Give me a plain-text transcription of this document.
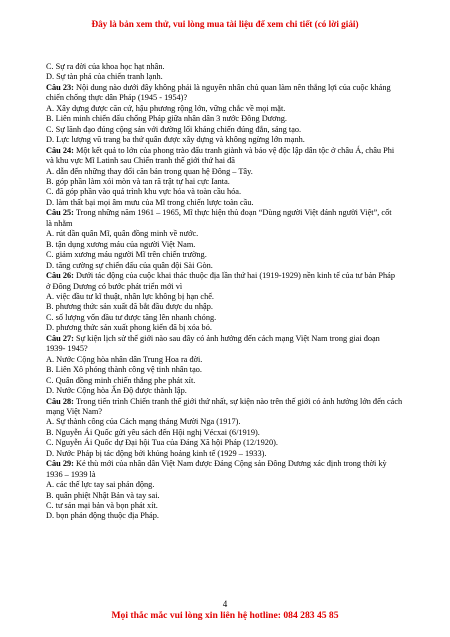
Đây là bản xem thử, vui lòng mua tài liệu để xem chi tiết (có lời giải)
C. Sự ra đời của khoa học hạt nhân.
D. Sự tàn phá của chiến tranh lạnh.
Câu 23: Nội dung nào dưới đây không phải là nguyên nhân chủ quan làm nên thắng lợi của cuộc kháng
chiến chống thực dân Pháp (1945 - 1954)?
A. Xây dựng được căn cứ, hậu phương rộng lớn, vững chắc về mọi mặt.
B. Liên minh chiến đấu chống Pháp giữa nhân dân 3 nước Đông Dương.
C. Sự lãnh đạo đúng cộng sản với đường lối kháng chiến đúng đắn, sáng tạo.
D. Lực lượng vũ trang ba thứ quân được xây dựng và không ngừng lớn mạnh.
Câu 24: Một kết quả to lớn của phong trào đấu tranh giành và bảo vệ độc lập dân tộc ở châu Á, châu Phi
và khu vực Mĩ Latinh sau Chiến tranh thế giới thứ hai đã
A. dẫn đến những thay đổi căn bản trong quan hệ Đông – Tây.
B. góp phần làm xói mòn và tan rã trật tự hai cực Ianta.
C. đã góp phần vào quá trình khu vực hóa và toàn cầu hóa.
D. làm thất bại mọi âm mưu của Mĩ trong chiến lược toàn cầu.
Câu 25: Trong những năm 1961 – 1965, Mĩ thực hiện thủ đoạn “Dùng người Việt đánh người Việt”, cốt
là nhằm
A. rút dần quân Mĩ, quân đồng minh về nước.
B. tận dụng xương máu của người Việt Nam.
C. giảm xương máu người Mĩ trên chiến trường.
D. tăng cường sự chiến đấu của quân đội Sài Gòn.
Câu 26: Dưới tác động của cuộc khai thác thuộc địa lần thứ hai (1919-1929) nền kinh tế của tư bản Pháp
ở Đông Dương có bước phát triển mới vì
A. việc đầu tư kĩ thuật, nhân lực không bị hạn chế.
B. phương thức sản xuất đã bắt đầu được du nhập.
C. số lượng vốn đầu tư được tăng lên nhanh chóng.
D. phương thức sản xuất phong kiến đã bị xóa bỏ.
Câu 27: Sự kiện lịch sử thế giới nào sau đây có ảnh hưởng đến cách mạng Việt Nam trong giai đoạn
1939- 1945?
A. Nước Cộng hòa nhân dân Trung Hoa ra đời.
B. Liên Xô phóng thành công vệ tinh nhân tạo.
C. Quân đồng minh chiến thắng phe phát xít.
D. Nước Cộng hòa Ấn Độ được thành lập.
Câu 28: Trong tiến trình Chiến tranh thế giới thứ nhất, sự kiện nào trên thế giới có ảnh hưởng lớn đến cách
mạng Việt Nam?
A. Sự thành công của Cách mạng tháng Mười Nga (1917).
B. Nguyễn Ái Quốc gửi yêu sách đến Hội nghị Vécxai (6/1919).
C. Nguyễn Ái Quốc dự Đại hội Tua của Đảng Xã hội Pháp (12/1920).
D. Nước Pháp bị tác động bởi khủng hoảng kinh tế (1929 – 1933).
Câu 29: Kẻ thù mới của nhân dân Việt Nam được Đảng Cộng sản Đông Dương xác định trong thời kỳ
1936 – 1939 là
A. các thế lực tay sai phản động.
B. quân phiệt Nhật Bản và tay sai.
C. tư sản mại bản và bọn phát xít.
D. bọn phản động thuộc địa Pháp.
4
Mọi thắc mắc vui lòng xin liên hệ hotline: 084 283 45 85
